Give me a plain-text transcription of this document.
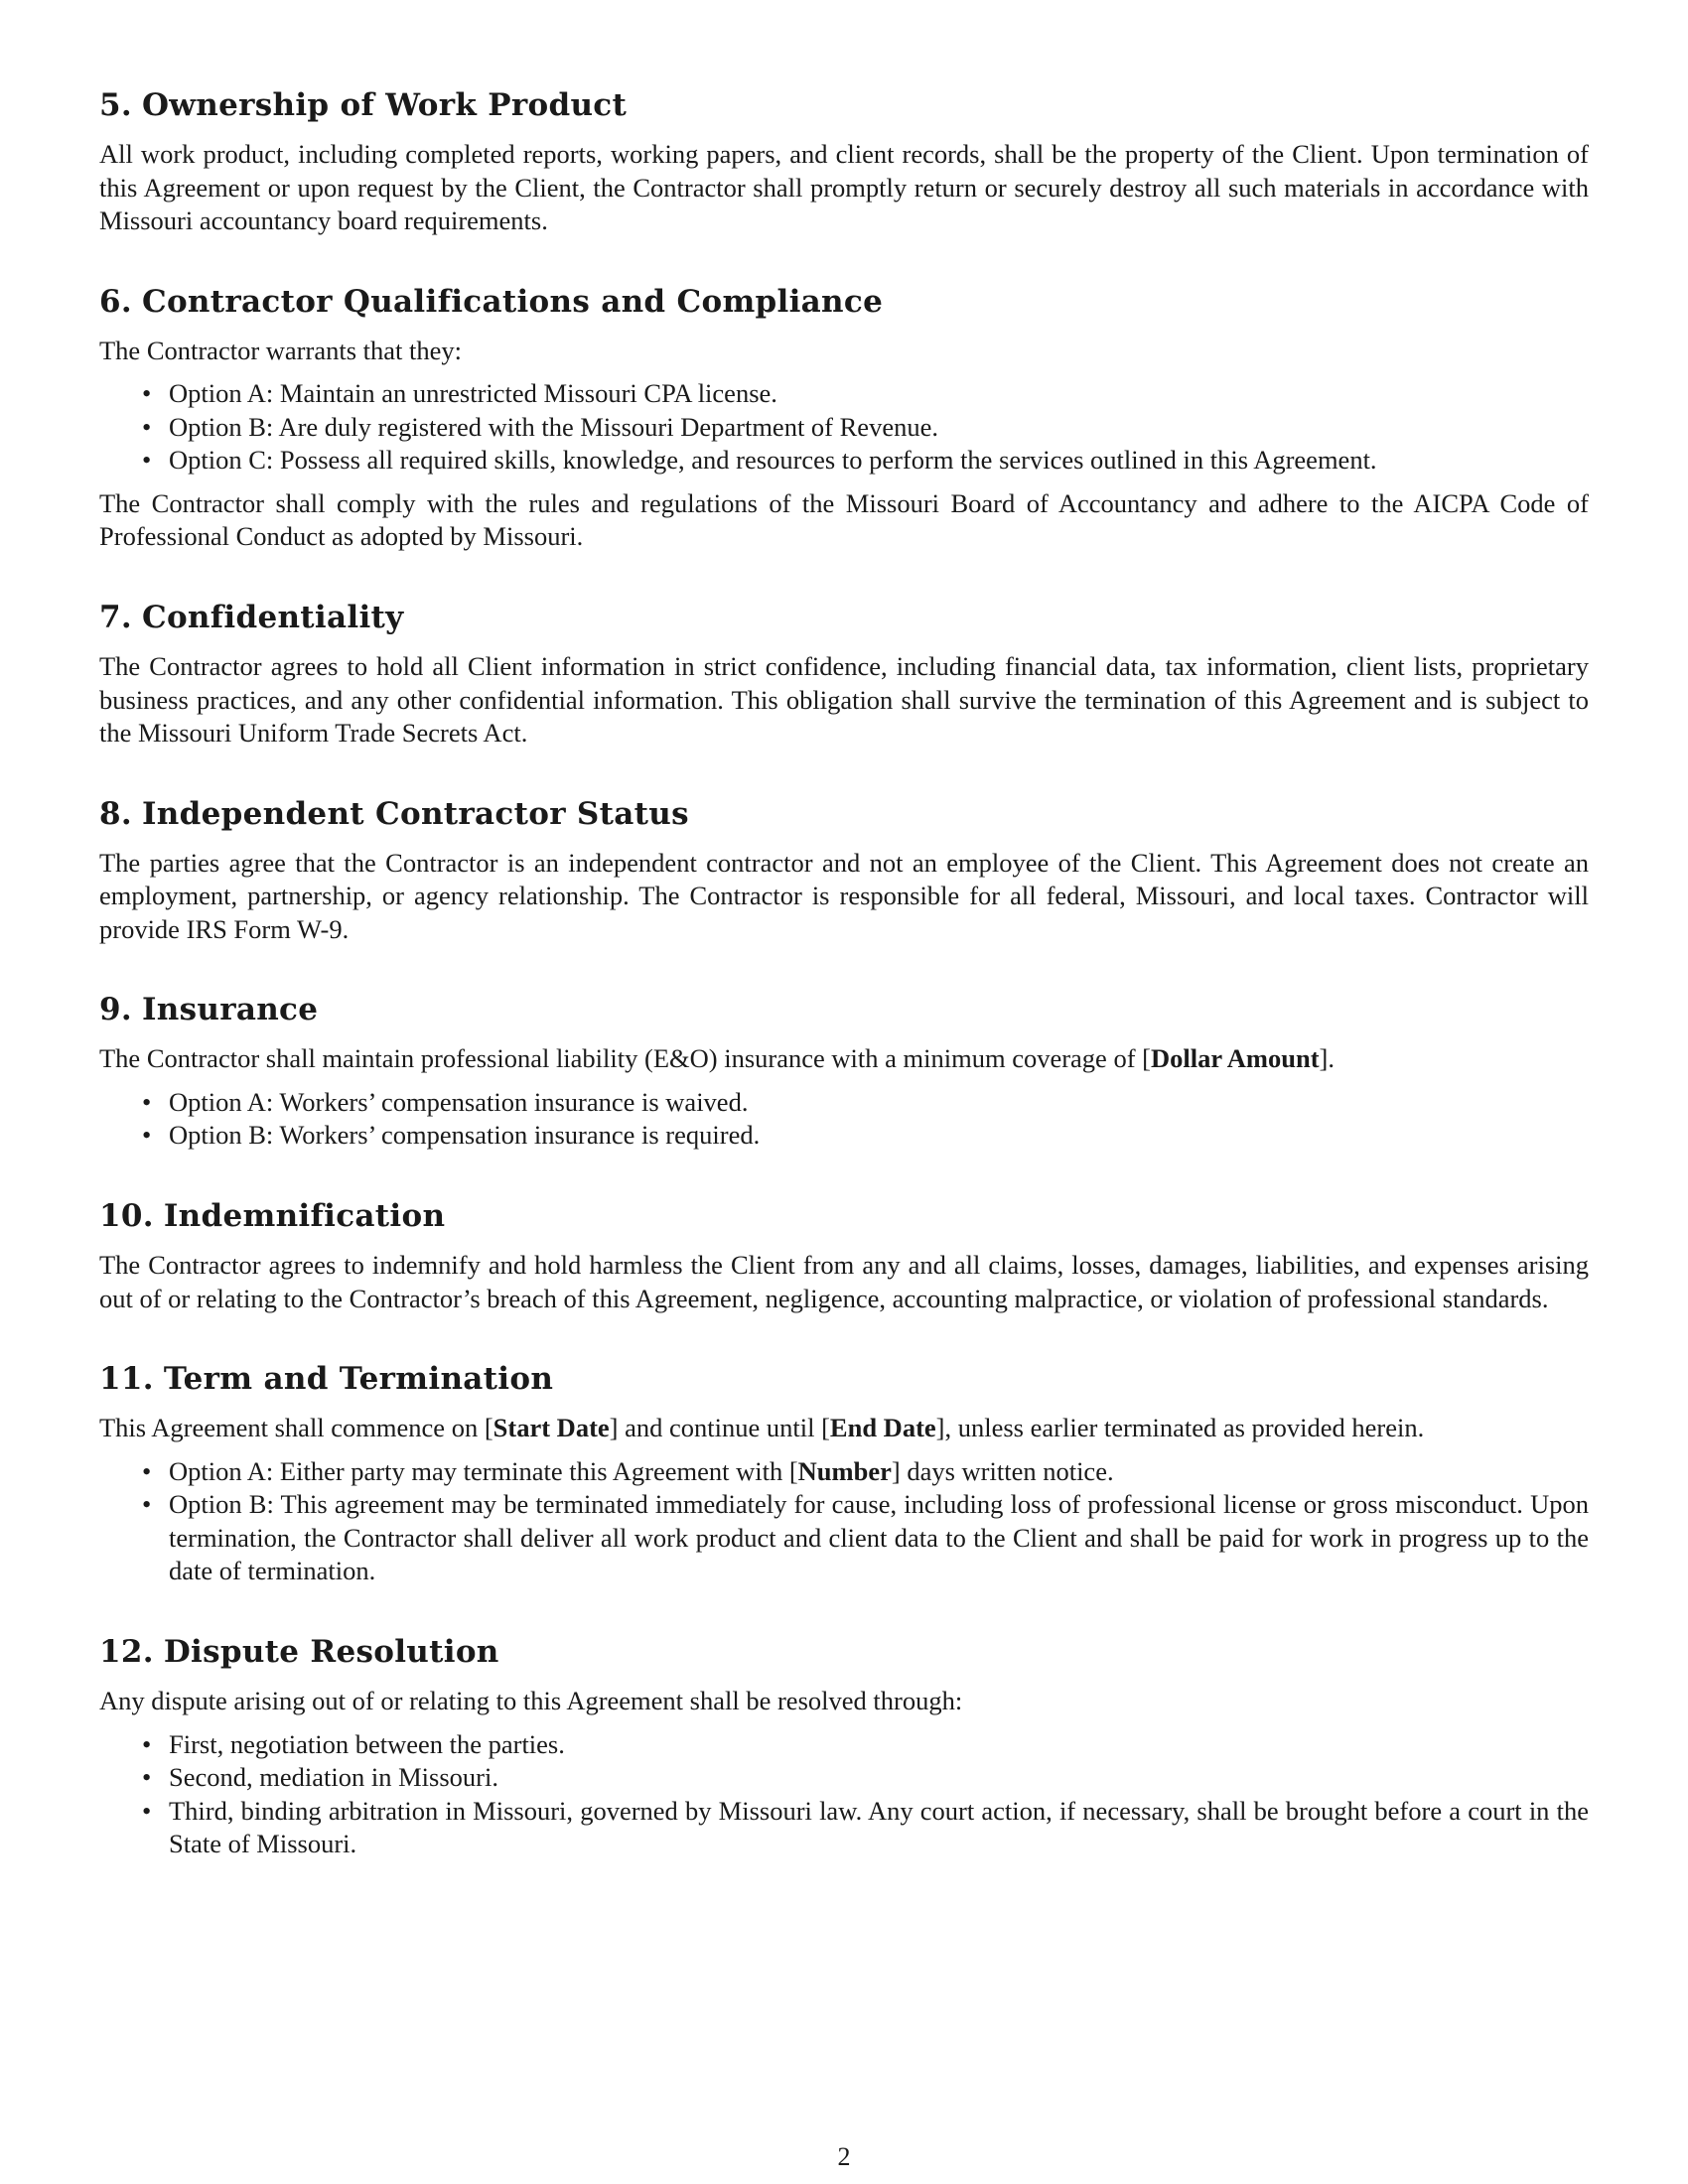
5. Ownership of Work Product

All work product, including completed reports, working papers, and client records, shall be the property of the Client. Upon termination of this Agreement or upon request by the Client, the Contractor shall promptly return or securely destroy all such materials in accordance with Missouri accountancy board requirements.

6. Contractor Qualifications and Compliance

The Contractor warrants that they:

• Option A: Maintain an unrestricted Missouri CPA license.
• Option B: Are duly registered with the Missouri Department of Revenue.
• Option C: Possess all required skills, knowledge, and resources to perform the services outlined in this Agreement.

The Contractor shall comply with the rules and regulations of the Missouri Board of Accountancy and adhere to the AICPA Code of Professional Conduct as adopted by Missouri.

7. Confidentiality

The Contractor agrees to hold all Client information in strict confidence, including financial data, tax information, client lists, proprietary business practices, and any other confidential information. This obligation shall survive the termination of this Agreement and is subject to the Missouri Uniform Trade Secrets Act.

8. Independent Contractor Status

The parties agree that the Contractor is an independent contractor and not an employee of the Client. This Agreement does not create an employment, partnership, or agency relationship. The Contractor is responsible for all federal, Missouri, and local taxes. Contractor will provide IRS Form W-9.

9. Insurance

The Contractor shall maintain professional liability (E&O) insurance with a minimum coverage of [Dollar Amount].

• Option A: Workers’ compensation insurance is waived.
• Option B: Workers’ compensation insurance is required.
10. Indemnification

The Contractor agrees to indemnify and hold harmless the Client from any and all claims, losses, damages, liabilities, and expenses arising out of or relating to the Contractor’s breach of this Agreement, negligence, accounting malpractice, or violation of professional standards.

11. Term and Termination

This Agreement shall commence on [Start Date] and continue until [End Date], unless earlier terminated as provided herein.

• Option A: Either party may terminate this Agreement with [Number] days written notice.
• Option B: This agreement may be terminated immediately for cause, including loss of professional license or gross misconduct. Upon termination, the Contractor shall deliver all work product and client data to the Client and shall be paid for work in progress up to the date of termination.
12. Dispute Resolution

Any dispute arising out of or relating to this Agreement shall be resolved through:

• First, negotiation between the parties.
• Second, mediation in Missouri.
• Third, binding arbitration in Missouri, governed by Missouri law. Any court action, if necessary, shall be brought before a court in the State of Missouri.
2
